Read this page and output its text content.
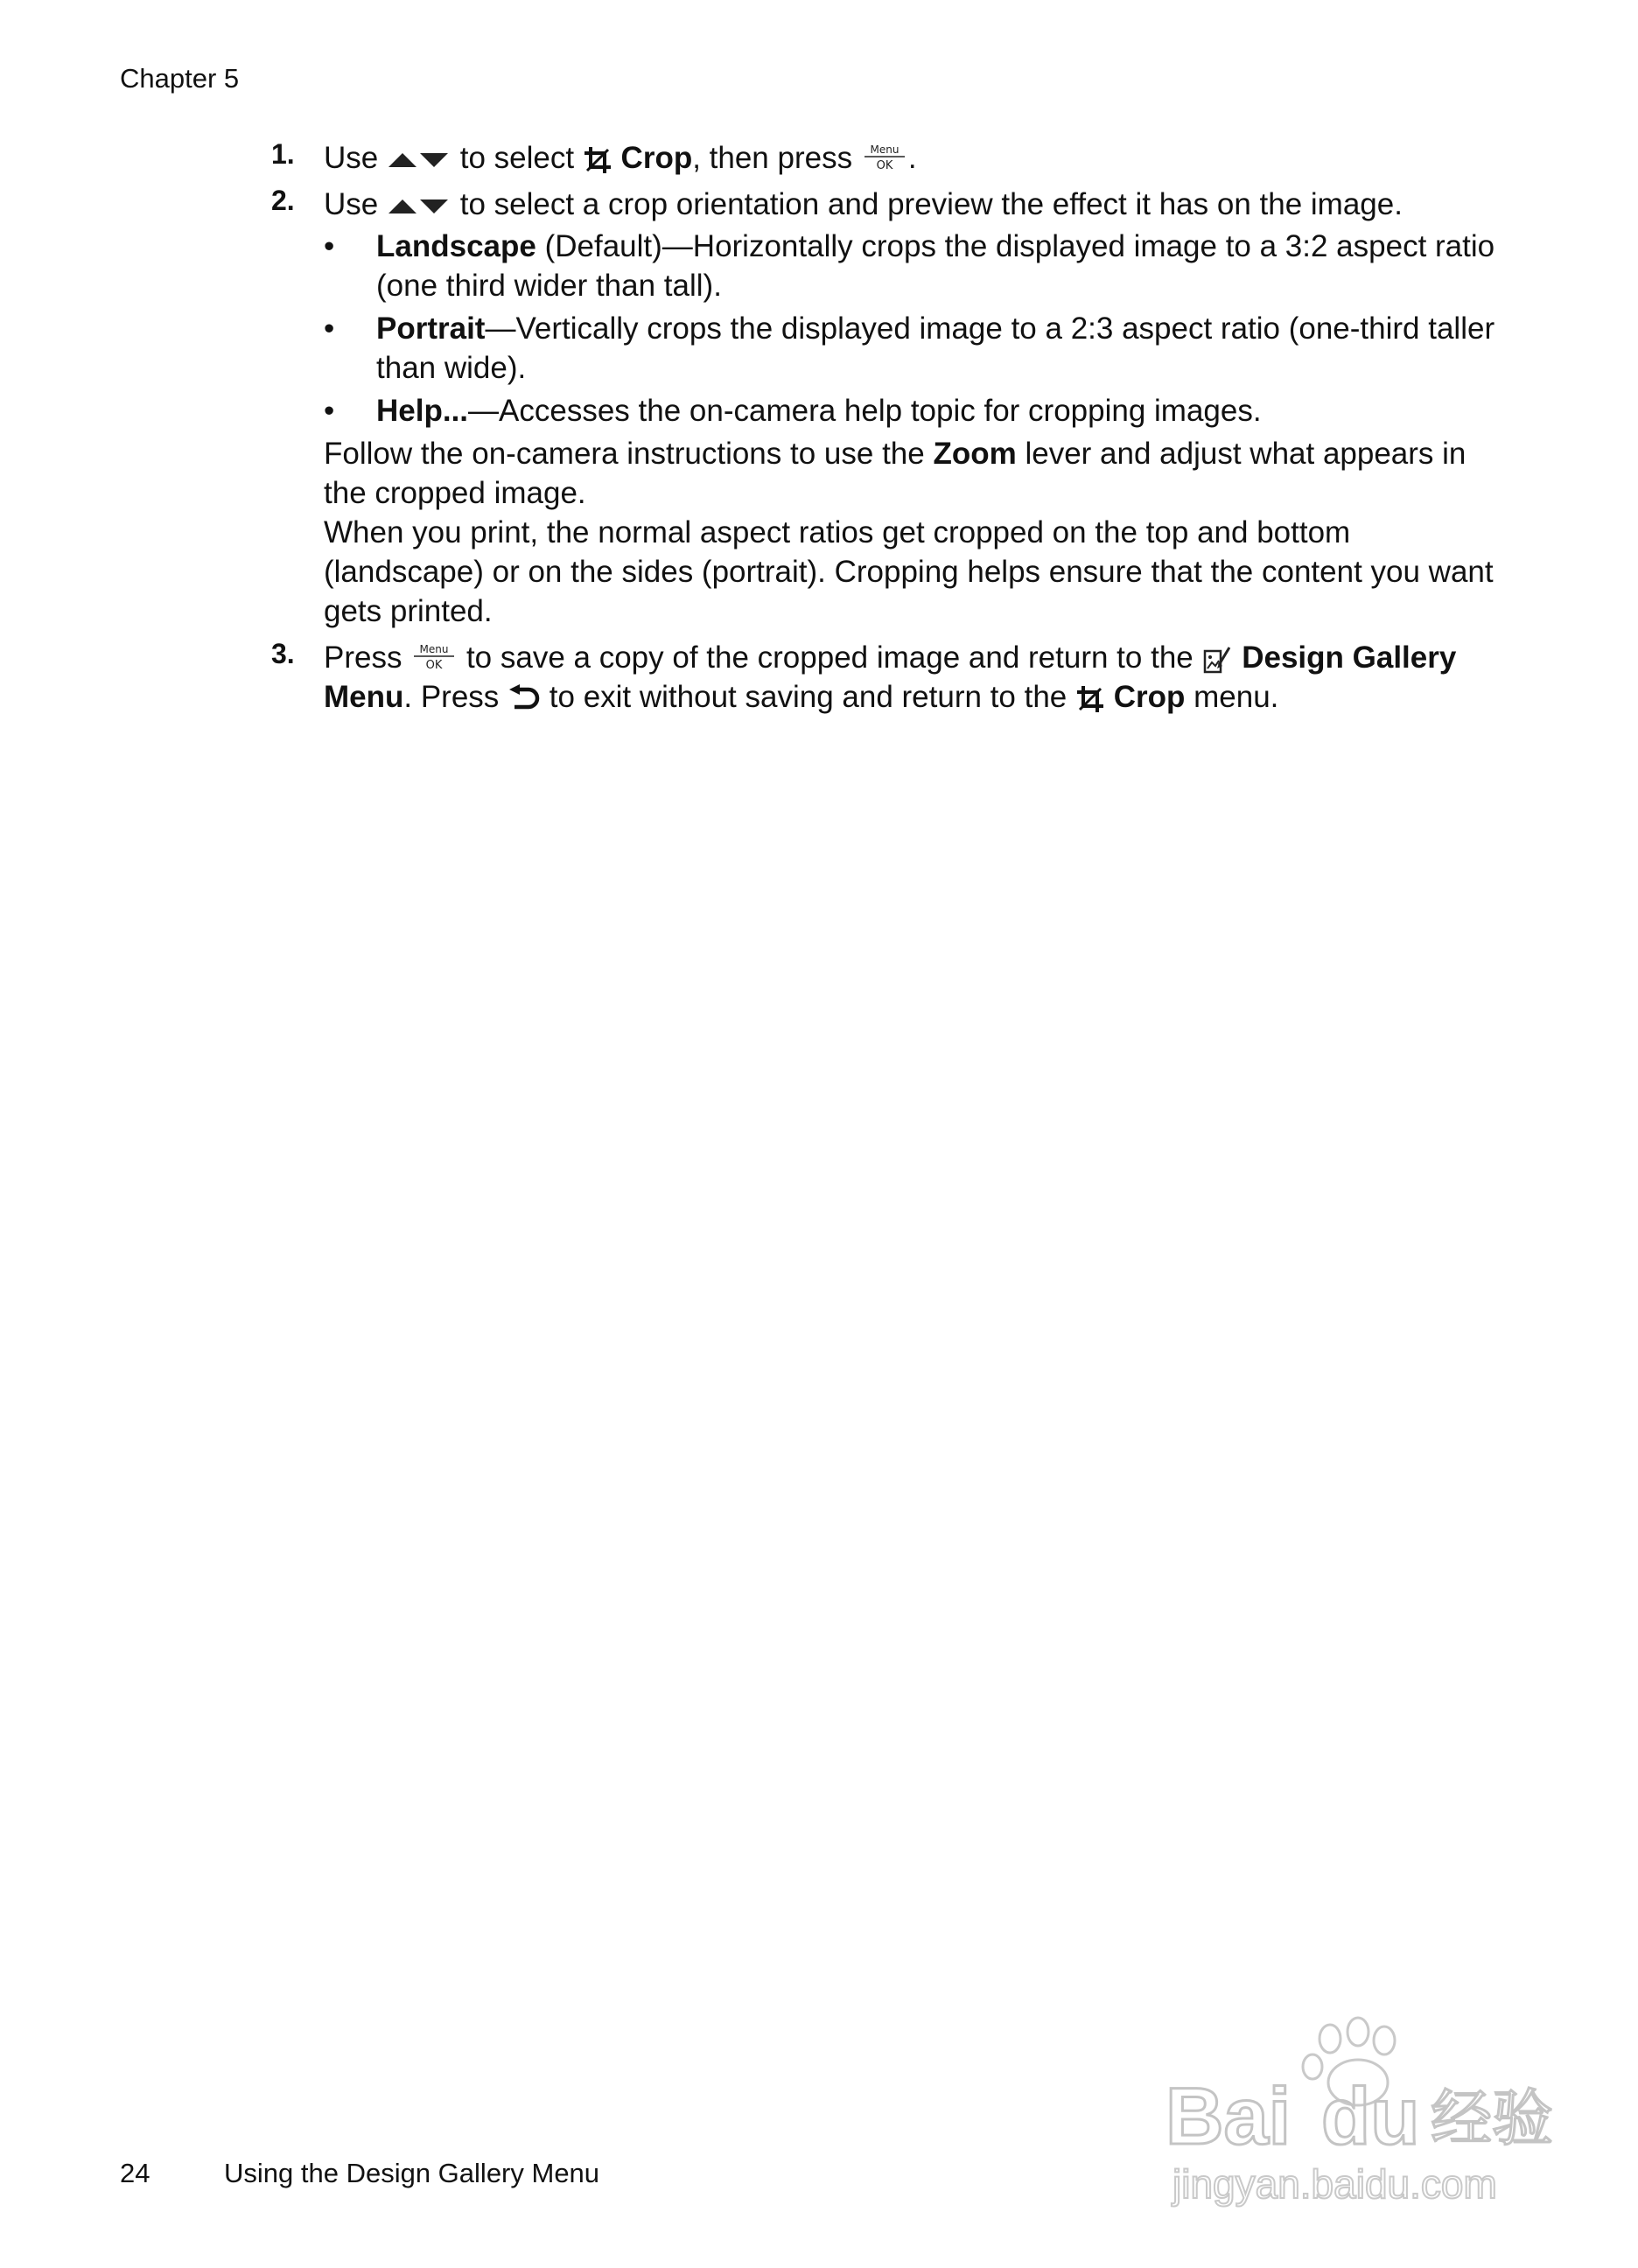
Chapter 5
1. Use	to select Crop, then press Menu
OK .
2. Use	to select a crop orientation and preview the effect it has on the image.
• Landscape (Default)—Horizontally crops the displayed image to a 3:2 aspect ratio (one third wider than tall).
• Portrait—Vertically crops the displayed image to a 2:3 aspect ratio (one-third taller than wide).
• Help...—Accesses the on-camera help topic for cropping images.
Follow the on-camera instructions to use the Zoom lever and adjust what appears in the cropped image.
When you print, the normal aspect ratios get cropped on the top and bottom (landscape) or on the sides (portrait). Cropping helps ensure that the content you want gets printed.
3. Press Menu
OK to save a copy of the cropped image and return to the Design Gallery Menu. Press to exit without saving and return to the Crop menu.
24	Using the Design Gallery Menu
Bai du 经验
jingyan.baidu.com
